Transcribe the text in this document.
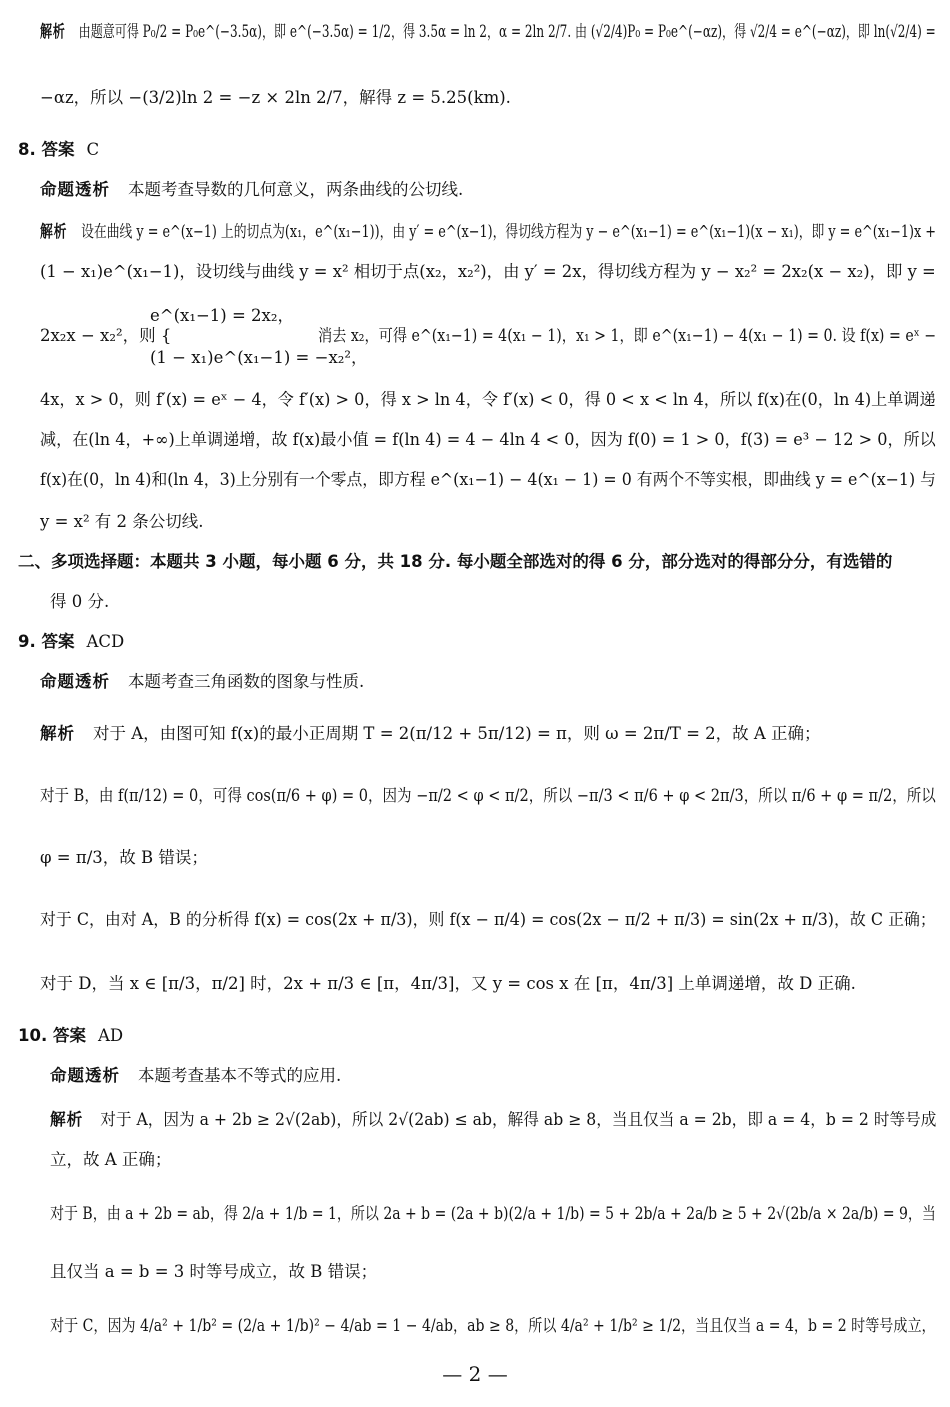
解析 由题意可得 P₀/2 = P₀e^(−3.5α)，即 e^(−3.5α) = 1/2，得 3.5α = ln 2，α = 2ln 2/7. 由 (√2/4)P₀ = P₀e^(−αz)，得 √2/4 = e^(−αz)，即 ln(√2/4) =
−αz，所以 −(3/2)ln 2 = −z × 2ln 2/7，解得 z = 5.25(km).
8. 答案 C
命题透析 本题考查导数的几何意义，两条曲线的公切线.
解析 设在曲线 y = e^(x−1) 上的切点为(x₁，e^(x₁−1))，由 y′ = e^(x−1)，得切线方程为 y − e^(x₁−1) = e^(x₁−1)(x − x₁)，即 y = e^(x₁−1)x +
(1 − x₁)e^(x₁−1)，设切线与曲线 y = x² 相切于点(x₂，x₂²)，由 y′ = 2x，得切线方程为 y − x₂² = 2x₂(x − x₂)，即 y =
e^(x₁−1) = 2x₂，
2x₂x − x₂²，则 {	消去 x₂，可得 e^(x₁−1) = 4(x₁ − 1)，x₁ > 1，即 e^(x₁−1) − 4(x₁ − 1) = 0. 设 f(x) = eˣ −
(1 − x₁)e^(x₁−1) = −x₂²，
4x，x > 0，则 f′(x) = eˣ − 4，令 f′(x) > 0，得 x > ln 4，令 f′(x) < 0，得 0 < x < ln 4，所以 f(x)在(0，ln 4)上单调递
减，在(ln 4，+∞)上单调递增，故 f(x)最小值 = f(ln 4) = 4 − 4ln 4 < 0，因为 f(0) = 1 > 0，f(3) = e³ − 12 > 0，所以
f(x)在(0，ln 4)和(ln 4，3)上分别有一个零点，即方程 e^(x₁−1) − 4(x₁ − 1) = 0 有两个不等实根，即曲线 y = e^(x−1) 与
y = x² 有 2 条公切线.
二、多项选择题：本题共 3 小题，每小题 6 分，共 18 分. 每小题全部选对的得 6 分，部分选对的得部分分，有选错的
得 0 分.
9. 答案 ACD
命题透析 本题考查三角函数的图象与性质.
解析 对于 A，由图可知 f(x)的最小正周期 T = 2(π/12 + 5π/12) = π，则 ω = 2π/T = 2，故 A 正确；
对于 B，由 f(π/12) = 0，可得 cos(π/6 + φ) = 0，因为 −π/2 < φ < π/2，所以 −π/3 < π/6 + φ < 2π/3，所以 π/6 + φ = π/2，所以
φ = π/3，故 B 错误；
对于 C，由对 A，B 的分析得 f(x) = cos(2x + π/3)，则 f(x − π/4) = cos(2x − π/2 + π/3) = sin(2x + π/3)，故 C 正确；
对于 D，当 x ∈ [π/3，π/2] 时，2x + π/3 ∈ [π，4π/3]，又 y = cos x 在 [π，4π/3] 上单调递增，故 D 正确.
10. 答案 AD
命题透析 本题考查基本不等式的应用.
解析 对于 A，因为 a + 2b ≥ 2√(2ab)，所以 2√(2ab) ≤ ab，解得 ab ≥ 8，当且仅当 a = 2b，即 a = 4，b = 2 时等号成
立，故 A 正确；
对于 B，由 a + 2b = ab，得 2/a + 1/b = 1，所以 2a + b = (2a + b)(2/a + 1/b) = 5 + 2b/a + 2a/b ≥ 5 + 2√(2b/a × 2a/b) = 9，当
且仅当 a = b = 3 时等号成立，故 B 错误；
对于 C，因为 4/a² + 1/b² = (2/a + 1/b)² − 4/ab = 1 − 4/ab，ab ≥ 8，所以 4/a² + 1/b² ≥ 1/2，当且仅当 a = 4，b = 2 时等号成立，
— 2 —
